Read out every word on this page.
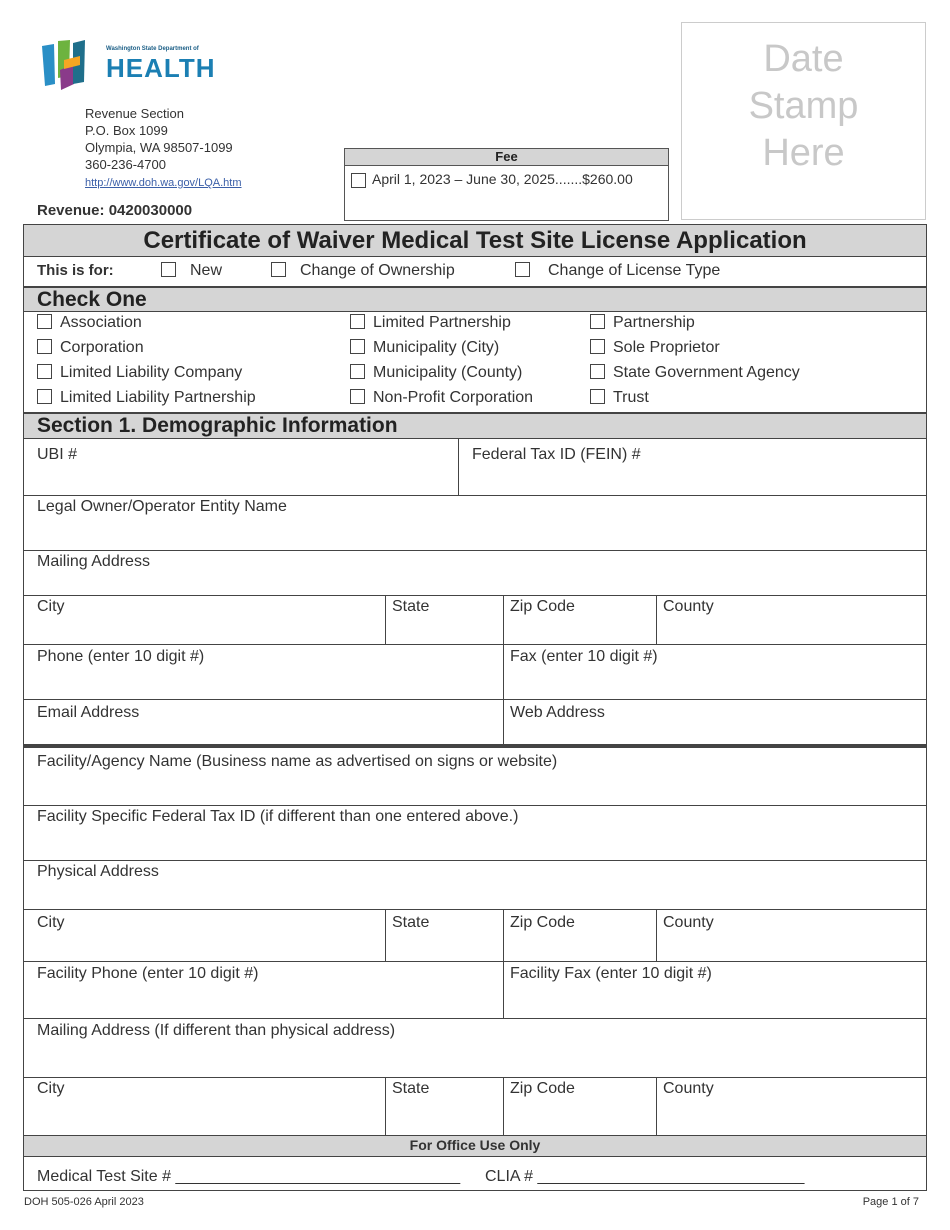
Washington State Department of
HEALTH
Revenue Section
P.O. Box 1099
Olympia, WA 98507-1099
360-236-4700
http://www.doh.wa.gov/LQA.htm
Revenue: 0420030000
Fee
April 1, 2023 – June 30, 2025.......$260.00
Date
Stamp
Here
Certificate of Waiver Medical Test Site License Application
This is for:	New	Change of Ownership	Change of License Type
Check One
Association
Corporation
Limited Liability Company
Limited Liability Partnership
Limited Partnership
Municipality (City)
Municipality (County)
Non-Profit Corporation
Partnership
Sole Proprietor
State Government Agency
Trust
Section 1. Demographic Information
UBI #	Federal Tax ID (FEIN) #
Legal Owner/Operator Entity Name
Mailing Address
City	State	Zip Code	County
Phone (enter 10 digit #)	Fax (enter 10 digit #)
Email Address	Web Address
Facility/Agency Name (Business name as advertised on signs or website)
Facility Specific Federal Tax ID (if different than one entered above.)
Physical Address
City	State	Zip Code	County
Facility Phone (enter 10 digit #)	Facility Fax (enter 10 digit #)
Mailing Address (If different than physical address)
City	State	Zip Code	County
For Office Use Only
Medical Test Site # ________________________________ CLIA # ______________________________
DOH 505-026 April 2023	Page 1 of 7
